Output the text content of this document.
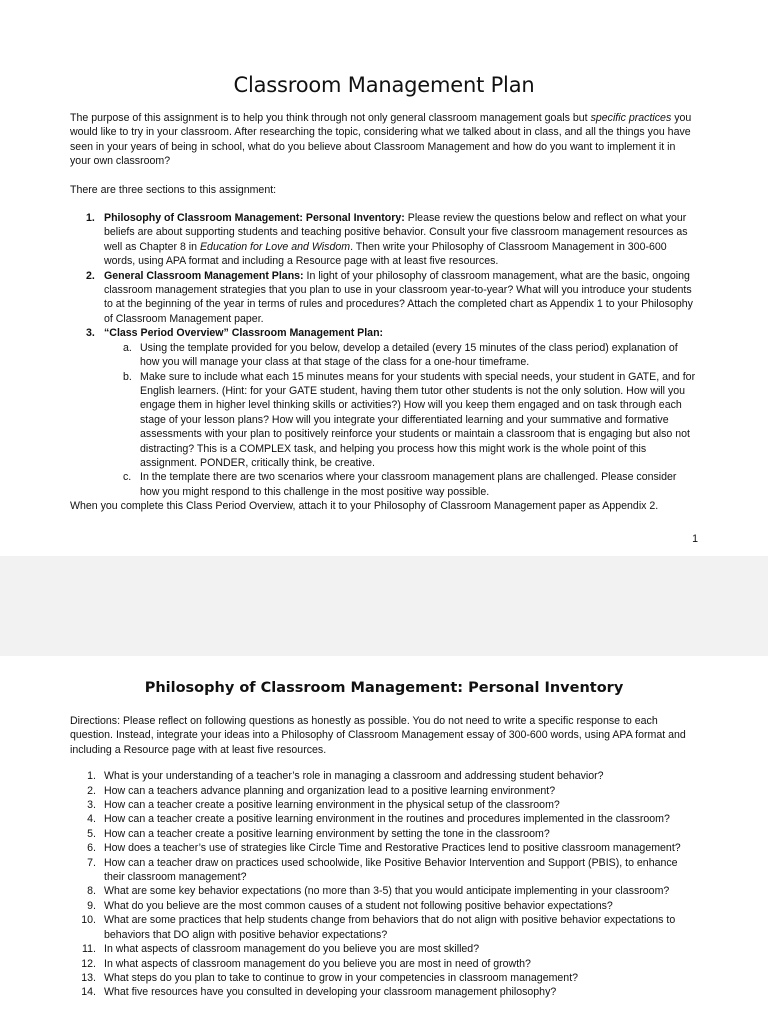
Classroom Management Plan

The purpose of this assignment is to help you think through not only general classroom management goals but specific practices you would like to try in your classroom. After researching the topic, considering what we talked about in class, and all the things you have seen in your years of being in school, what do you believe about Classroom Management and how do you want to implement it in your own classroom?

There are three sections to this assignment:

1. Philosophy of Classroom Management: Personal Inventory: Please review the questions below and reflect on what your beliefs are about supporting students and teaching positive behavior. Consult your five classroom management resources as well as Chapter 8 in Education for Love and Wisdom. Then write your Philosophy of Classroom Management in 300-600 words, using APA format and including a Resource page with at least five resources.
2. General Classroom Management Plans: In light of your philosophy of classroom management, what are the basic, ongoing classroom management strategies that you plan to use in your classroom year-to-year? What will you introduce your students to at the beginning of the year in terms of rules and procedures? Attach the completed chart as Appendix 1 to your Philosophy of Classroom Management paper.
3. “Class Period Overview” Classroom Management Plan:
a. Using the template provided for you below, develop a detailed (every 15 minutes of the class period) explanation of how you will manage your class at that stage of the class for a one-hour timeframe.
b. Make sure to include what each 15 minutes means for your students with special needs, your student in GATE, and for English learners. (Hint: for your GATE student, having them tutor other students is not the only solution. How will you engage them in higher level thinking skills or activities?) How will you keep them engaged and on task through each stage of your lesson plans? How will you integrate your differentiated learning and your summative and formative assessments with your plan to positively reinforce your students or maintain a classroom that is engaging but also not distracting? This is a COMPLEX task, and helping you process how this might work is the whole point of this assignment. PONDER, critically think, be creative.
c. In the template there are two scenarios where your classroom management plans are challenged. Please consider how you might respond to this challenge in the most positive way possible.

When you complete this Class Period Overview, attach it to your Philosophy of Classroom Management paper as Appendix 2.

1
Philosophy of Classroom Management: Personal Inventory

Directions: Please reflect on following questions as honestly as possible. You do not need to write a specific response to each question. Instead, integrate your ideas into a Philosophy of Classroom Management essay of 300-600 words, using APA format and including a Resource page with at least five resources.

1. What is your understanding of a teacher’s role in managing a classroom and addressing student behavior?
2. How can a teachers advance planning and organization lead to a positive learning environment?
3. How can a teacher create a positive learning environment in the physical setup of the classroom?
4. How can a teacher create a positive learning environment in the routines and procedures implemented in the classroom?
5. How can a teacher create a positive learning environment by setting the tone in the classroom?
6. How does a teacher’s use of strategies like Circle Time and Restorative Practices lend to positive classroom management?
7. How can a teacher draw on practices used schoolwide, like Positive Behavior Intervention and Support (PBIS), to enhance their classroom management?
8. What are some key behavior expectations (no more than 3-5) that you would anticipate implementing in your classroom?
9. What do you believe are the most common causes of a student not following positive behavior expectations?
10. What are some practices that help students change from behaviors that do not align with positive behavior expectations to behaviors that DO align with positive behavior expectations?
11. In what aspects of classroom management do you believe you are most skilled?
12. In what aspects of classroom management do you believe you are most in need of growth?
13. What steps do you plan to take to continue to grow in your competencies in classroom management?
14. What five resources have you consulted in developing your classroom management philosophy?
